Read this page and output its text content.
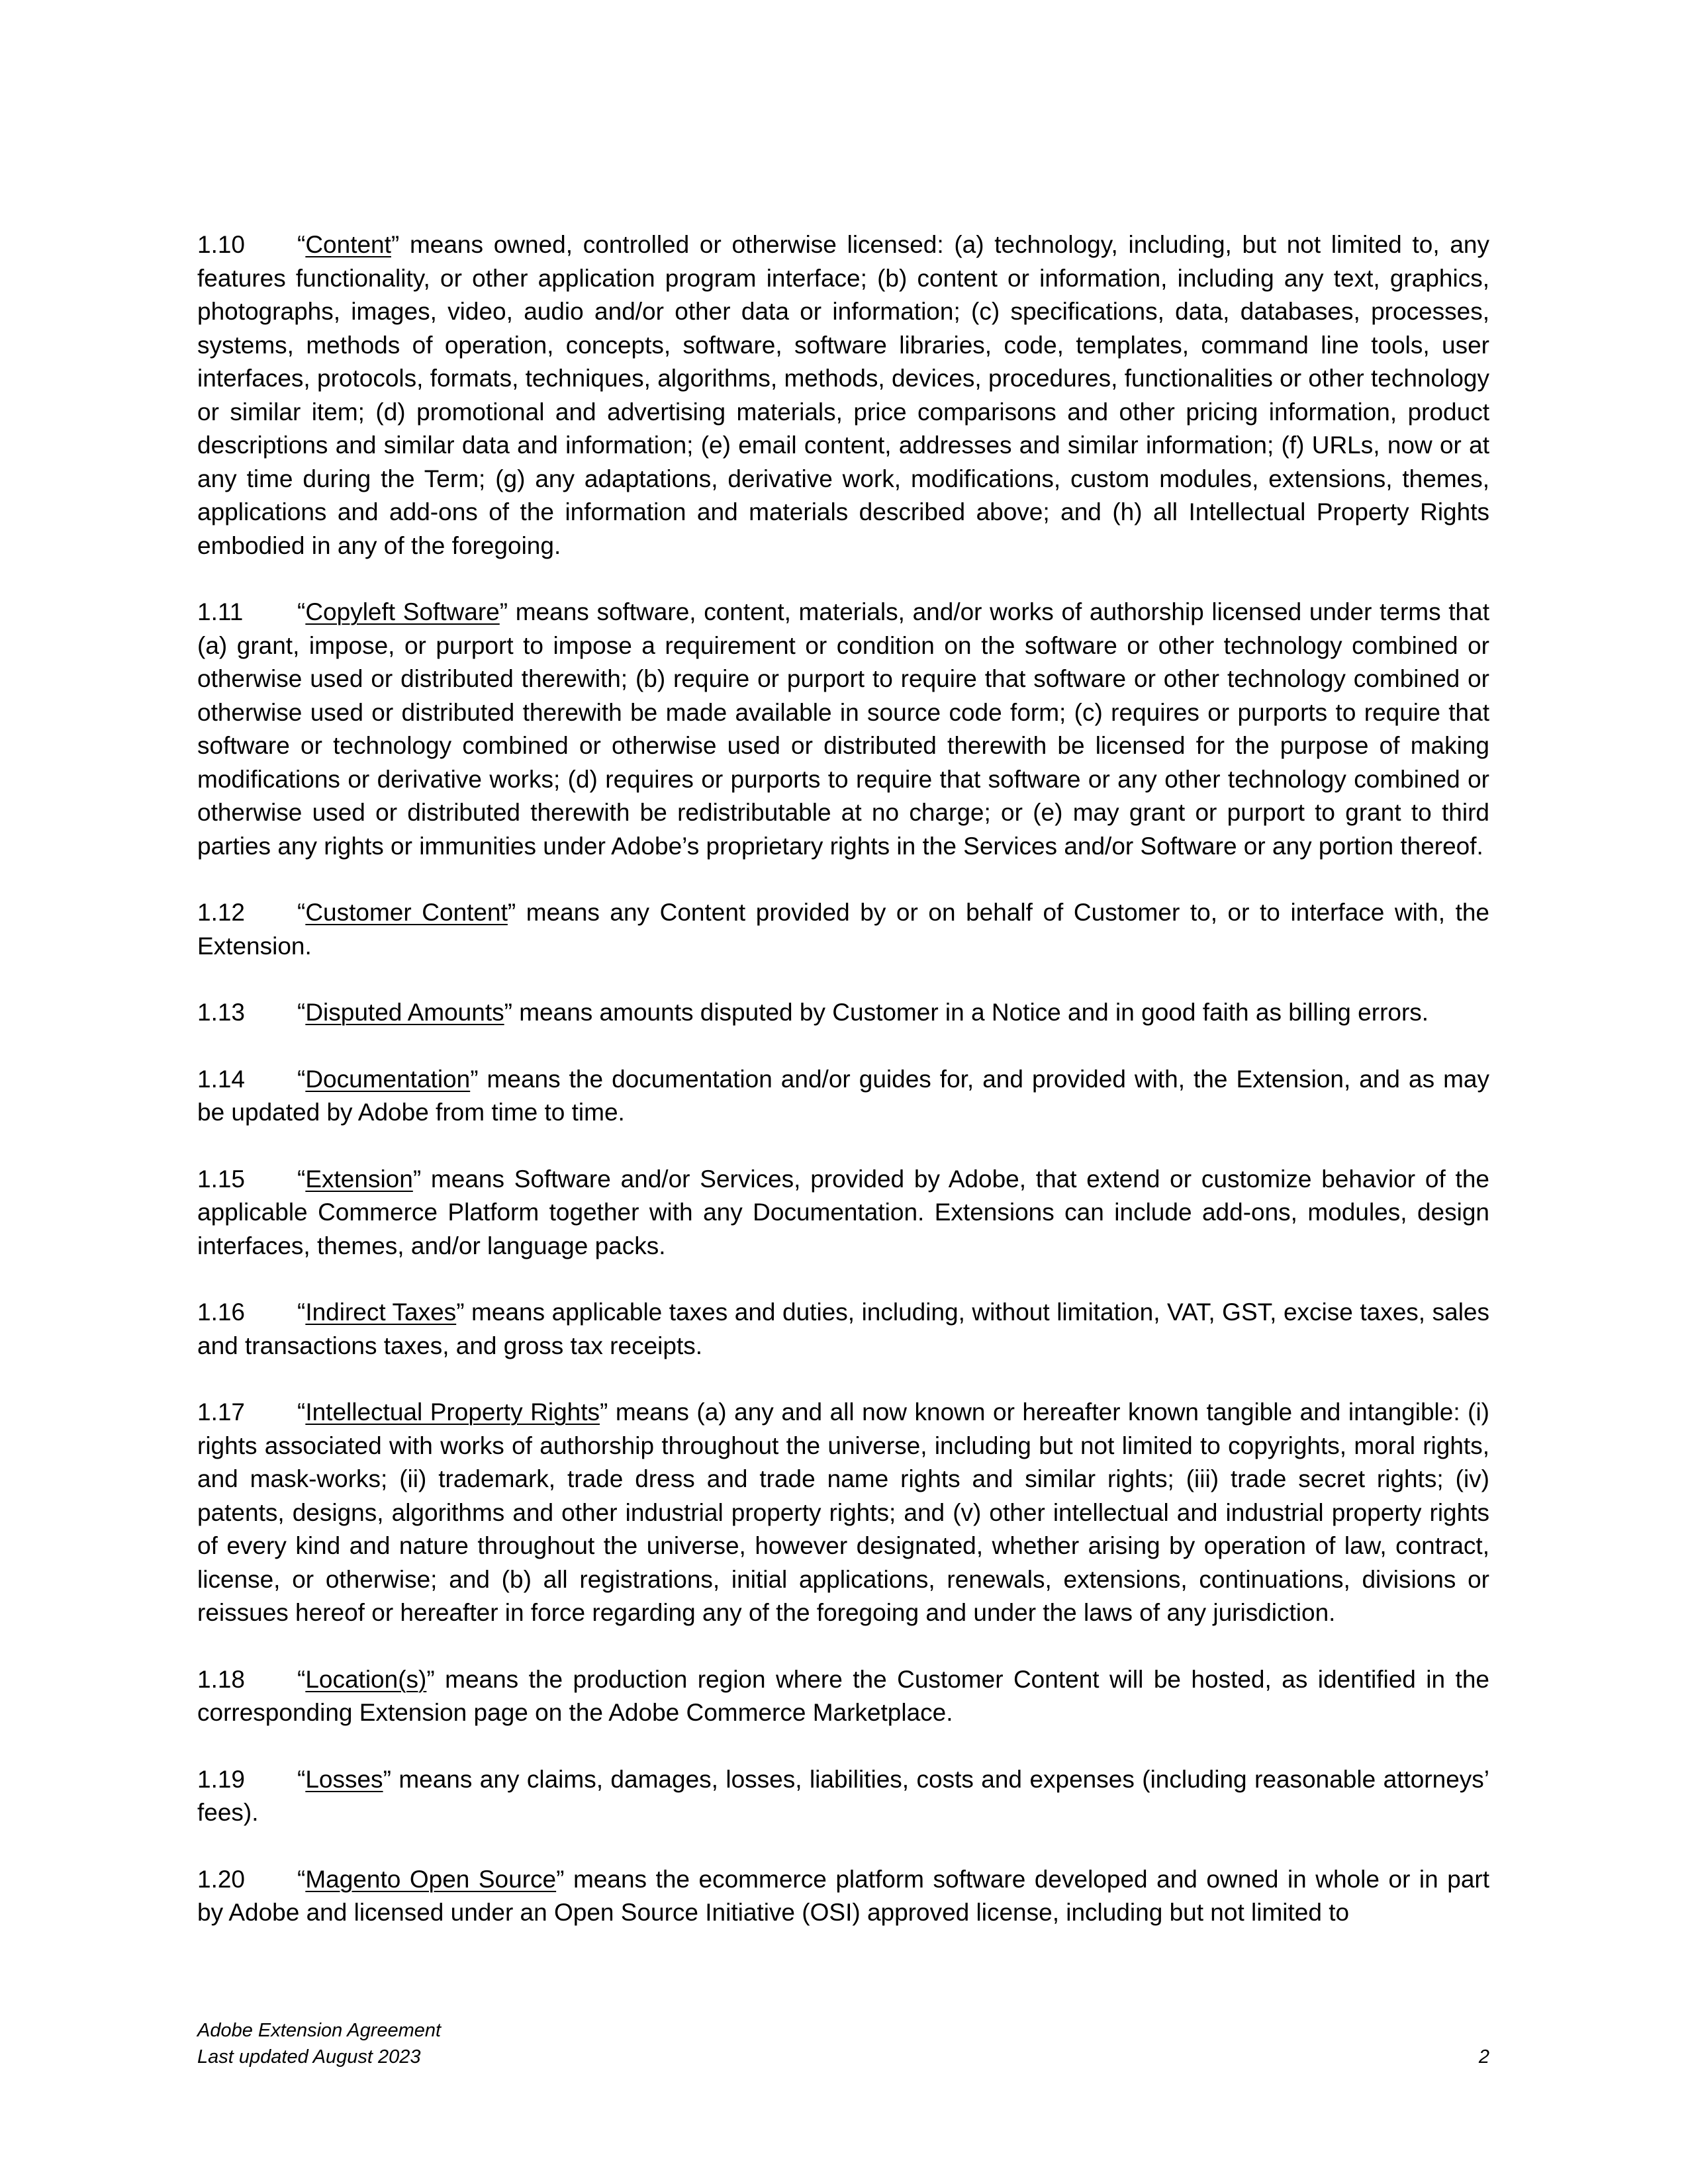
1.10 “Content” means owned, controlled or otherwise licensed: (a) technology, including, but not limited to, any features functionality, or other application program interface; (b) content or information, including any text, graphics, photographs, images, video, audio and/or other data or information; (c) specifications, data, databases, processes, systems, methods of operation, concepts, software, software libraries, code, templates, command line tools, user interfaces, protocols, formats, techniques, algorithms, methods, devices, procedures, functionalities or other technology or similar item; (d) promotional and advertising materials, price comparisons and other pricing information, product descriptions and similar data and information; (e) email content, addresses and similar information; (f) URLs, now or at any time during the Term; (g) any adaptations, derivative work, modifications, custom modules, extensions, themes, applications and add-ons of the information and materials described above; and (h) all Intellectual Property Rights embodied in any of the foregoing.

1.11 “Copyleft Software” means software, content, materials, and/or works of authorship licensed under terms that (a) grant, impose, or purport to impose a requirement or condition on the software or other technology combined or otherwise used or distributed therewith; (b) require or purport to require that software or other technology combined or otherwise used or distributed therewith be made available in source code form; (c) requires or purports to require that software or technology combined or otherwise used or distributed therewith be licensed for the purpose of making modifications or derivative works; (d) requires or purports to require that software or any other technology combined or otherwise used or distributed therewith be redistributable at no charge; or (e) may grant or purport to grant to third parties any rights or immunities under Adobe’s proprietary rights in the Services and/or Software or any portion thereof.

1.12 “Customer Content” means any Content provided by or on behalf of Customer to, or to interface with, the Extension.

1.13 “Disputed Amounts” means amounts disputed by Customer in a Notice and in good faith as billing errors.

1.14 “Documentation” means the documentation and/or guides for, and provided with, the Extension, and as may be updated by Adobe from time to time.

1.15 “Extension” means Software and/or Services, provided by Adobe, that extend or customize behavior of the applicable Commerce Platform together with any Documentation. Extensions can include add-ons, modules, design interfaces, themes, and/or language packs.

1.16 “Indirect Taxes” means applicable taxes and duties, including, without limitation, VAT, GST, excise taxes, sales and transactions taxes, and gross tax receipts.

1.17 “Intellectual Property Rights” means (a) any and all now known or hereafter known tangible and intangible: (i) rights associated with works of authorship throughout the universe, including but not limited to copyrights, moral rights, and mask-works; (ii) trademark, trade dress and trade name rights and similar rights; (iii) trade secret rights; (iv) patents, designs, algorithms and other industrial property rights; and (v) other intellectual and industrial property rights of every kind and nature throughout the universe, however designated, whether arising by operation of law, contract, license, or otherwise; and (b) all registrations, initial applications, renewals, extensions, continuations, divisions or reissues hereof or hereafter in force regarding any of the foregoing and under the laws of any jurisdiction.

1.18 “Location(s)” means the production region where the Customer Content will be hosted, as identified in the corresponding Extension page on the Adobe Commerce Marketplace.

1.19 “Losses” means any claims, damages, losses, liabilities, costs and expenses (including reasonable attorneys’ fees).

1.20 “Magento Open Source” means the ecommerce platform software developed and owned in whole or in part by Adobe and licensed under an Open Source Initiative (OSI) approved license, including but not limited to

Adobe Extension Agreement
Last updated August 2023	2
